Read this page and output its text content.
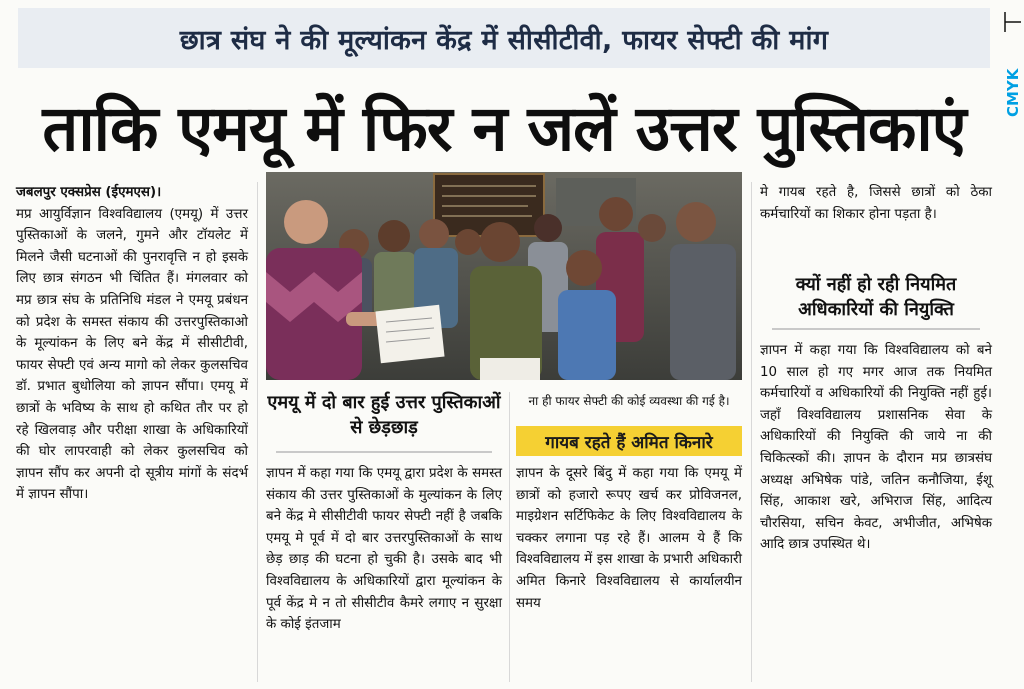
छात्र संघ ने की मूल्यांकन केंद्र में सीसीटीवी, फायर सेफ्टी की मांग
ताकि एमयू में फिर न जलें उत्तर पुस्तिकाएं	CMYK

जबलपुर एक्सप्रेस (ईएमएस)।

मप्र आयुर्विज्ञान विश्वविद्यालय (एमयू) में उत्तर पुस्तिकाओं के जलने, गुमने और टॉयलेट में मिलने जैसी घटनाओं की पुनरावृत्ति न हो इसके लिए छात्र संगठन भी चिंतित हैं। मंगलवार को मप्र छात्र संघ के प्रतिनिधि मंडल ने एमयू प्रबंधन को प्रदेश के समस्त संकाय की उत्तरपुस्तिकाओ के मूल्यांकन के लिए बने केंद्र में सीसीटीवी, फायर सेफ्टी एवं अन्य मागो को लेकर कुलसचिव डॉ. प्रभात बुधोलिया को ज्ञापन सौंपा। एमयू में छात्रों के भविष्य के साथ हो कथित तौर पर हो रहे खिलवाड़ और परीक्षा शाखा के अधिकारियों की घोर लापरवाही को लेकर कुलसचिव को ज्ञापन सौंप कर अपनी दो सूत्रीय मांगों के संदर्भ में ज्ञापन सौंपा।

एमयू में दो बार हुई उत्तर पुस्तिकाओं से छेड़छाड़

ज्ञापन में कहा गया कि एमयू द्वारा प्रदेश के समस्त संकाय की उत्तर पुस्तिकाओं के मुल्यांकन के लिए बने केंद्र मे सीसीटीवी फायर सेफ्टी नहीं है जबकि एमयू मे पूर्व में दो बार उत्तरपुस्तिकाओं के साथ छेड़ छाड़ की घटना हो चुकी है। उसके बाद भी विश्वविद्यालय के अधिकारियों द्वारा मूल्यांकन के पूर्व केंद्र मे न तो सीसीटीव कैमरे लगाए न सुरक्षा के कोई इंतजाम

ना ही फायर सेफ्टी की कोई व्यवस्था की गई है।
गायब रहते हैं अमित किनारे

ज्ञापन के दूसरे बिंदु में कहा गया कि एमयू में छात्रों को हजारो रूपए खर्च कर प्रोविजनल, माइग्रेशन सर्टिफिकेट के लिए विश्वविद्यालय के चक्कर लगाना पड़ रहे हैं। आलम ये हैं कि विश्वविद्यालय में इस शाखा के प्रभारी अधिकारी अमित किनारे विश्वविद्यालय से कार्यालयीन समय

मे गायब रहते है, जिससे छात्रों को ठेका कर्मचारियों का शिकार होना पड़ता है।

क्यों नहीं हो रही नियमित अधिकारियों की नियुक्ति

ज्ञापन में कहा गया कि विश्वविद्यालय को बने 10 साल हो गए मगर आज तक नियमित कर्मचारियों व अधिकारियों की नियुक्ति नहीं हुई। जहाँ विश्वविद्यालय प्रशासनिक सेवा के अधिकारियों की नियुक्ति की जाये ना की चिकित्स्कों की। ज्ञापन के दौरान मप्र छात्रसंघ अध्यक्ष अभिषेक पांडे, जतिन कनौजिया, ईशू सिंह, आकाश खरे, अभिराज सिंह, आदित्य चौरसिया, सचिन केवट, अभीजीत, अभिषेक आदि छात्र उपस्थित थे।
